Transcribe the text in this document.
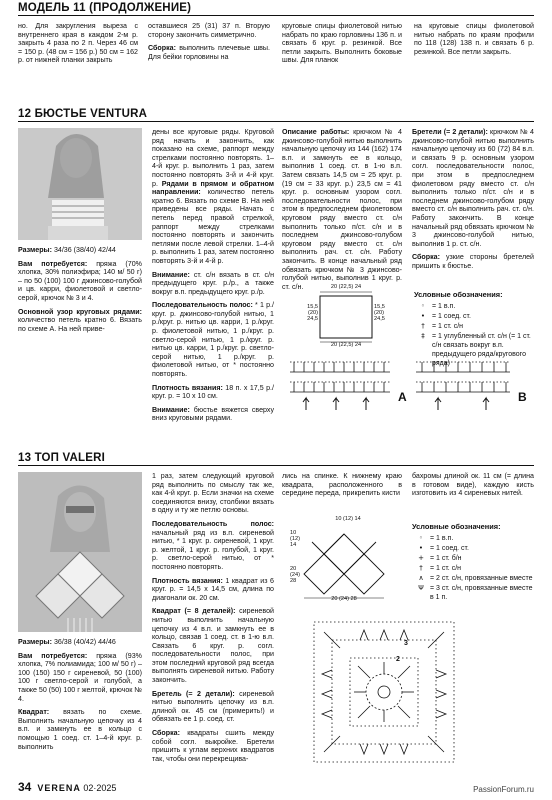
МОДЕЛЬ 11 (ПРОДОЛЖЕНИЕ)

но. Для закругления выреза с внутреннего края в каждом 2-м р. закрыть 4 раза по 2 п. Через 46 см = 150 р. (48 см = 156 р.) 50 см = 162 р. от нижней планки закрыть

оставшиеся 25 (31) 37 п. Вторую сторону закончить симметрично.

Сборка: выполнить плечевые швы. Для бейки горловины на

круговые спицы фиолетовой нитью набрать по краю горловины 136 п. и связать 6 круг. р. резинкой. Все петли закрыть. Выполнить боковые швы. Для планок

на круговые спицы фиолетовой нитью набрать по краям профили по 118 (128) 138 п. и связать 6 р. резинкой. Все петли закрыть.

12 БЮСТЬЕ VENTURA

Размеры: 34/36 (38/40) 42/44

Вам потребуется: пряжа (70% хлопка, 30% полиэфира; 140 м/ 50 г) – по 50 (100) 100 г джинсово-голубой и цв. карри, фиолетовой и светло-серой, крючок № 3 и 4.

Основной узор круговых рядами: количество петель кратно 6. Вязать по схеме А. На ней приве-

дены все круговые ряды. Круговой ряд начать и закончить, как показано на схеме, раппорт между стрелками постоянно повторять. 1–4-й круг. р. выполнить 1 раз, затем постоянно повторять 3-й и 4-й круг. р. Рядами в прямом и обратном направлении: количество петель кратно 6. Вязать по схеме В. На ней приведены все ряды. Начать с петель перед правой стрелкой, раппорт между стрелками постоянно повторять и закончить петлями после левой стрелки. 1–4-й р. выполнить 1 раз, затем постоянно повторять 3-й и 4-й р.

Внимание: ст. с/н вязать в ст. с/н предыдущего круг. р./р., а также вокруг в.п. предыдущего круг. р./р.

Последовательность полос: * 1 р./круг. р. джинсово-голубой нитью, 1 р./круг. р. нитью цв. карри, 1 р./круг. р. фиолетовой нитью, 1 р./круг. р. светло-серой нитью, 1 р./круг. р. нитью цв. карри, 1 р./круг. р. светло-серой нитью, 1 р./круг. р. фиолетовой нитью, от * постоянно повторять.

Плотность вязания: 18 п. х 17,5 р./круг. р. = 10 х 10 см.

Внимание: бюстье вяжется сверху вниз круговыми рядами.

Описание работы: крючком № 4 джинсово-голубой нитью выполнить начальную цепочку из 144 (162) 174 в.п. и замкнуть ее в кольцо, выполнив 1 соед. ст. в 1-ю в.п. Затем связать 14,5 см = 25 круг. р. (19 см = 33 круг. р.) 23,5 см = 41 круг. р. основным узором согл. последовательности полос, при этом в предпоследнем фиолетовом круговом ряду вместо ст. с/н выполнить только п/ст. с/н и в последнем джинсово-голубом круговом ряду вместо ст. с/н выполнить рач. ст. с/н. Работу закончить. В конце начальный ряд обвязать крючком № 3 джинсово-голубой нитью, выполнив 1 круг. р. ст. с/н.

Бретели (= 2 детали): крючком № 4 джинсово-голубой нитью выполнить начальную цепочку из 60 (72) 84 в.п. и связать 9 р. основным узором согл. последовательности полос, при этом в предпоследнем фиолетовом ряду вместо ст. с/н выполнить только п/ст. с/н и в последнем джинсово-голубом ряду вместо ст. с/н выполнить рач. ст. с/н. Работу закончить. В конце начальный ряд обвязать крючком № 3 джинсово-голубой нитью, выполнив 1 р. ст. с/н.

Сборка: узкие стороны бретелей пришить к бюстье.

20 (22,5) 24
20 (22,5) 24
15,5
(20)
24,5
15,5
(20)
24,5
A	B
Условные обозначения:
◦ = 1 в.п.
• = 1 соед. ст.
†	= 1 ст. с/н
‡	= 1 углубленный ст. с/н (= 1 ст. с/н связать вокруг в.п. предыдущего ряда/кругового ряда)
13 ТОП VALERI

Размеры: 36/38 (40/42) 44/46

Вам потребуется: пряжа (93% хлопка, 7% полиамида; 100 м/ 50 г) – 100 (150) 150 г сиреневой, 50 (100) 100 г светло-серой и голубой, а также 50 (50) 100 г желтой, крючок № 4.

Квадрат: вязать по схеме. Выполнить начальную цепочку из 4 в.п. и замкнуть ее в кольцо с помощью 1 соед. ст. 1–4-й круг. р. выполнить

1 раз, затем следующий круговой ряд выполнить по смыслу так же, как 4-й круг. р. Если значки на схеме соединяются внизу, столбики вязать в одну и ту же петлю основы.

Последовательность полос: начальный ряд из в.п. сиреневой нитью, * 1 круг. р. сиреневой, 1 круг. р. желтой, 1 круг. р. голубой, 1 круг. р. светло-серой нитью, от * постоянно повторять.

Плотность вязания: 1 квадрат из 6 круг. р. = 14,5 х 14,5 см, длина по диагонали ок. 20 см.

Квадрат (= 8 деталей): сиреневой нитью выполнить начальную цепочку из 4 в.п. и замкнуть ее в кольцо, связав 1 соед. ст. в 1-ю в.п. Связать 6 круг. р. согл. последовательности полос, при этом последний круговой ряд всегда выполнять сиреневой нитью. Работу закончить.

Бретель (= 2 детали): сиреневой нитью выполнить цепочку из в.п. длиной ок. 45 см (примерить!) и обвязать ее 1 р. соед. ст.

Сборка: квадраты сшить между собой согл. выкройке. Бретели пришить к углам верхних квадратов так, чтобы они перекрещива-

лись на спинке. К нижнему краю квадрата, расположенного в середине переда, прикрепить кисти

бахромы длиной ок. 11 см (= длина в готовом виде), каждую кисть изготовить из 4 сиреневых нитей.

10 (12) 14
10
(12)
14
20
(24)
28
20 (24) 28
Условные обозначения:
◦ = 1 в.п.
• = 1 соед. ст.
+ = 1 ст. б/н
†	= 1 ст. с/н
∧ = 2 ст. с/н, провязанные вместе
Ψ = 3 ст. с/н, провязанные вместе в 1 п.
2
3
34 VERENA 02·2025	PassionForum.ru
